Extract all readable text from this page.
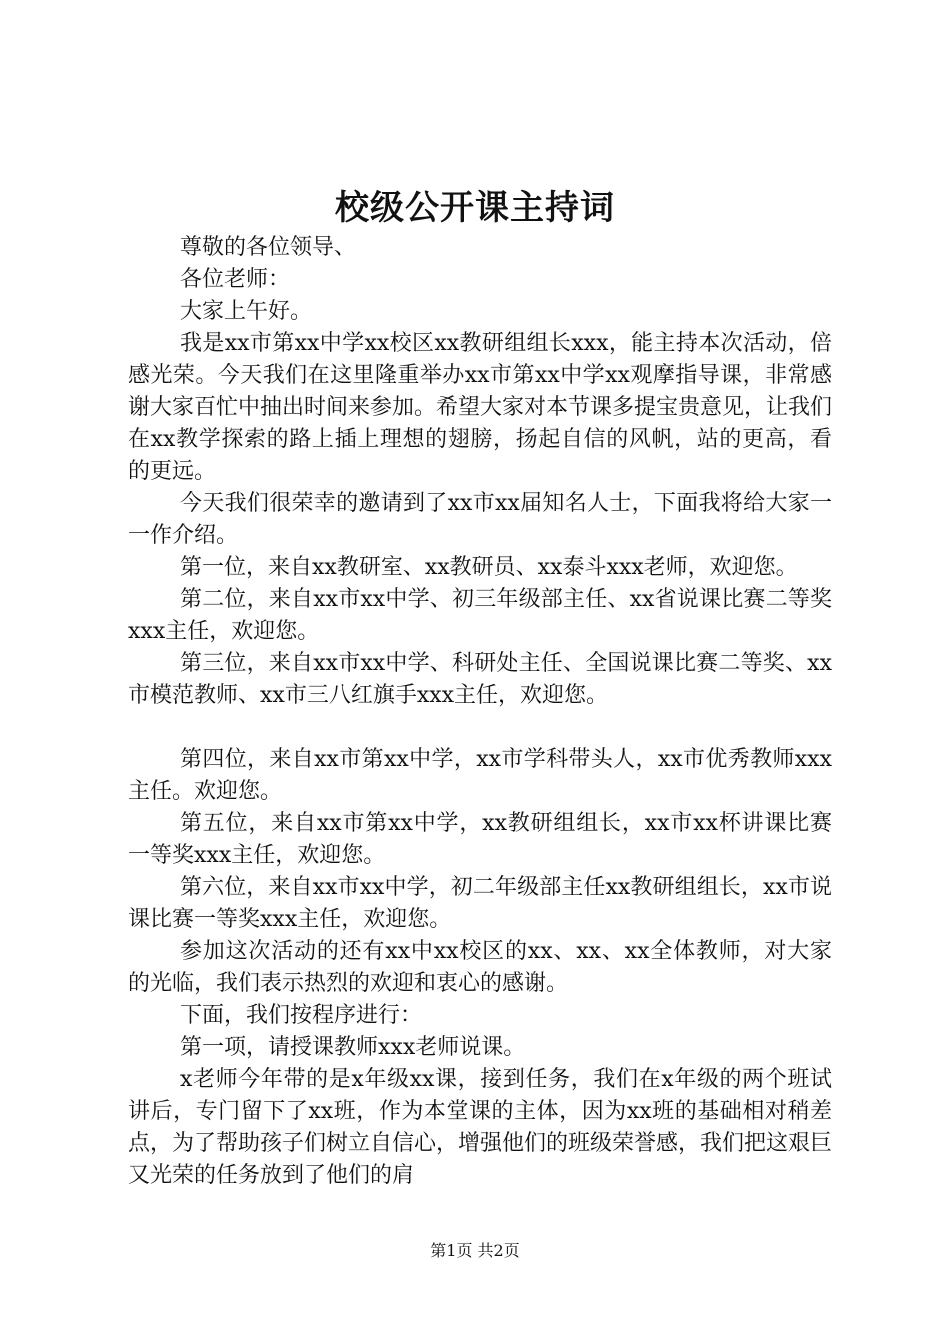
校级公开课主持词

尊敬的各位领导、

各位老师：

大家上午好。

我是xx市第xx中学xx校区xx教研组组长xxx，能主持本次活动，倍感光荣。今天我们在这里隆重举办xx市第xx中学xx观摩指导课，非常感谢大家百忙中抽出时间来参加。希望大家对本节课多提宝贵意见，让我们在xx教学探索的路上插上理想的翅膀，扬起自信的风帆，站的更高，看的更远。

今天我们很荣幸的邀请到了xx市xx届知名人士，下面我将给大家一一作介绍。

第一位，来自xx教研室、xx教研员、xx泰斗xxx老师，欢迎您。

第二位，来自xx市xx中学、初三年级部主任、xx省说课比赛二等奖xxx主任，欢迎您。

第三位，来自xx市xx中学、科研处主任、全国说课比赛二等奖、xx市模范教师、xx市三八红旗手xxx主任，欢迎您。

第四位，来自xx市第xx中学，xx市学科带头人，xx市优秀教师xxx主任。欢迎您。

第五位，来自xx市第xx中学，xx教研组组长，xx市xx杯讲课比赛一等奖xxx主任，欢迎您。

第六位，来自xx市xx中学，初二年级部主任xx教研组组长，xx市说课比赛一等奖xxx主任，欢迎您。

参加这次活动的还有xx中xx校区的xx、xx、xx全体教师，对大家的光临，我们表示热烈的欢迎和衷心的感谢。

下面，我们按程序进行：

第一项，请授课教师xxx老师说课。

x老师今年带的是x年级xx课，接到任务，我们在x年级的两个班试讲后，专门留下了xx班，作为本堂课的主体，因为xx班的基础相对稍差点，为了帮助孩子们树立自信心，增强他们的班级荣誉感，我们把这艰巨又光荣的任务放到了他们的肩

第1页 共2页
